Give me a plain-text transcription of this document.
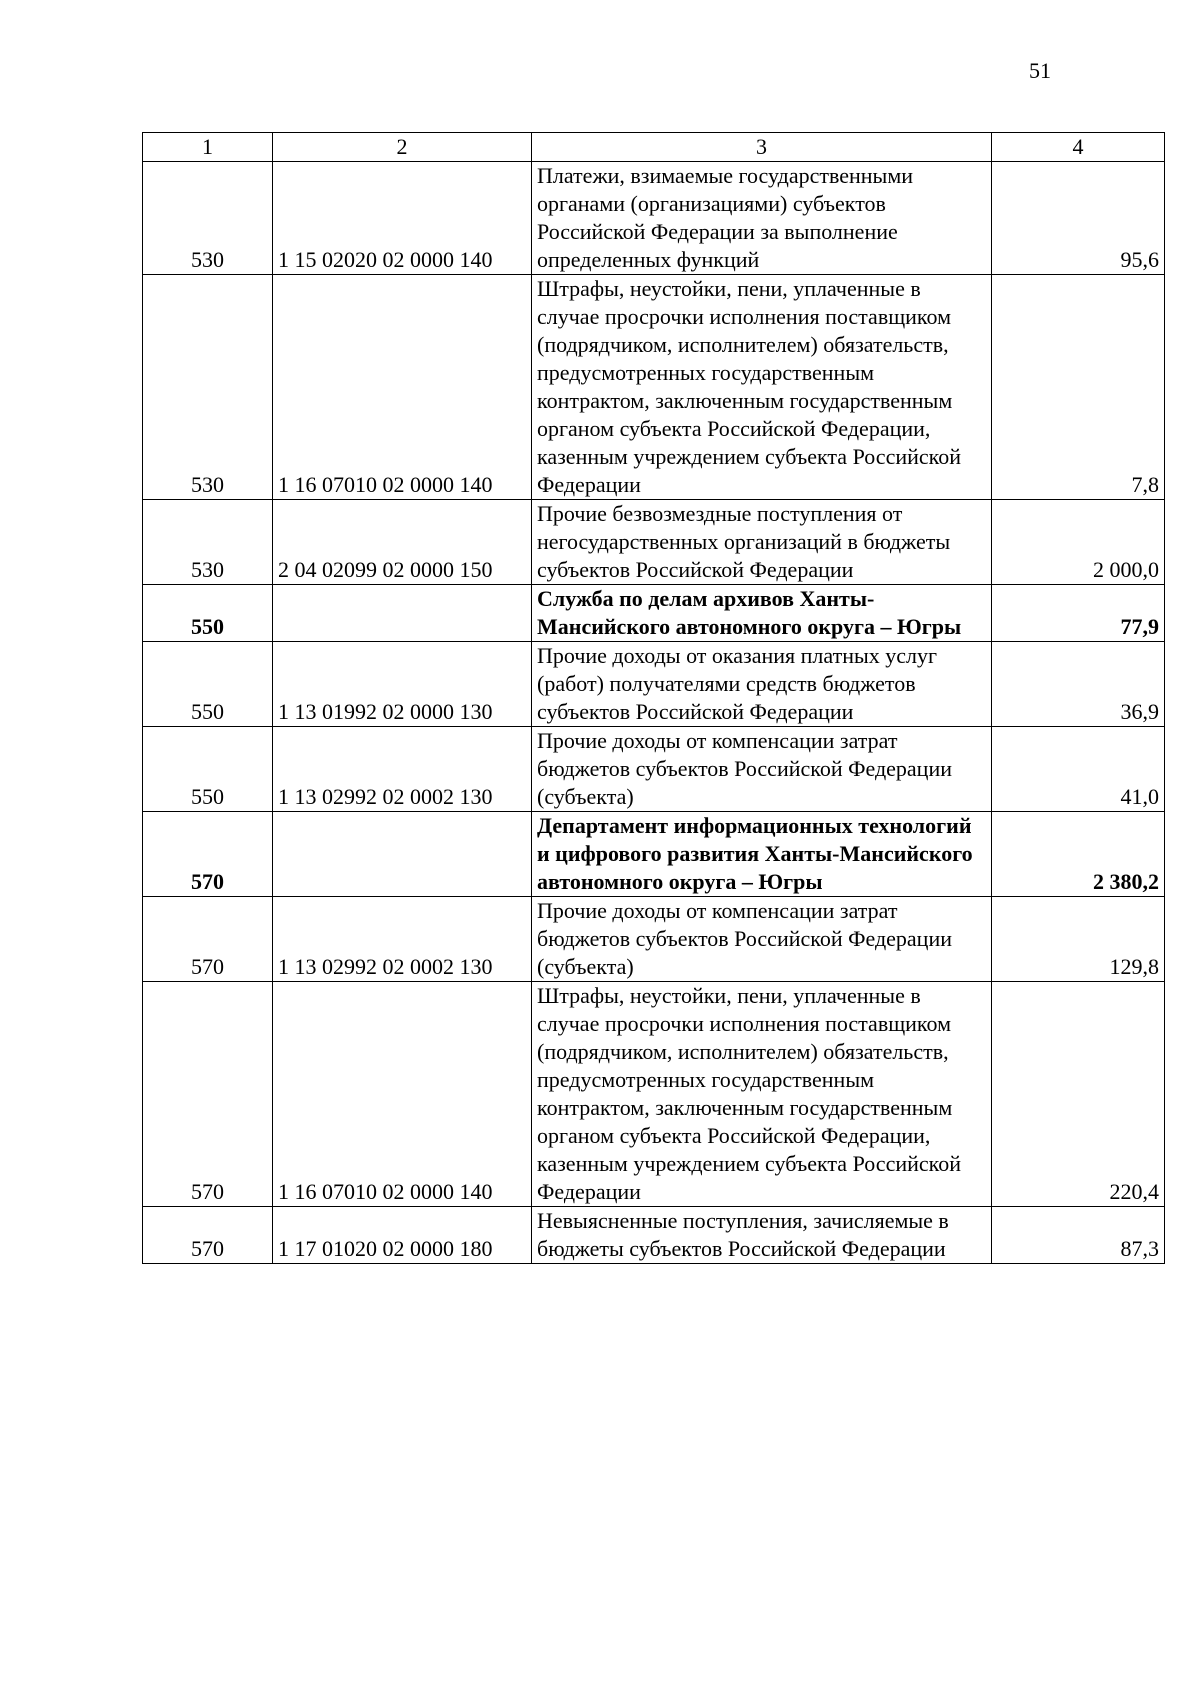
51
1	2	3	4
530	1 15 02020 02 0000 140	Платежи, взимаемые государственными органами (организациями) субъектов Российской Федерации за выполнение определенных функций	95,6
530	1 16 07010 02 0000 140	Штрафы, неустойки, пени, уплаченные в случае просрочки исполнения поставщиком (подрядчиком, исполнителем) обязательств, предусмотренных государственным контрактом, заключенным государственным органом субъекта Российской Федерации, казенным учреждением субъекта Российской Федерации	7,8
530	2 04 02099 02 0000 150	Прочие безвозмездные поступления от негосударственных организаций в бюджеты субъектов Российской Федерации	2 000,0
550		Служба по делам архивов Ханты-Мансийского автономного округа – Югры	77,9
550	1 13 01992 02 0000 130	Прочие доходы от оказания платных услуг (работ) получателями средств бюджетов субъектов Российской Федерации	36,9
550	1 13 02992 02 0002 130	Прочие доходы от компенсации затрат бюджетов субъектов Российской Федерации (субъекта)	41,0
570		Департамент информационных технологий и цифрового развития Ханты-Мансийского автономного округа – Югры	2 380,2
570	1 13 02992 02 0002 130	Прочие доходы от компенсации затрат бюджетов субъектов Российской Федерации (субъекта)	129,8
570	1 16 07010 02 0000 140	Штрафы, неустойки, пени, уплаченные в случае просрочки исполнения поставщиком (подрядчиком, исполнителем) обязательств, предусмотренных государственным контрактом, заключенным государственным органом субъекта Российской Федерации, казенным учреждением субъекта Российской Федерации	220,4
570	1 17 01020 02 0000 180	Невыясненные поступления, зачисляемые в бюджеты субъектов Российской Федерации	87,3
